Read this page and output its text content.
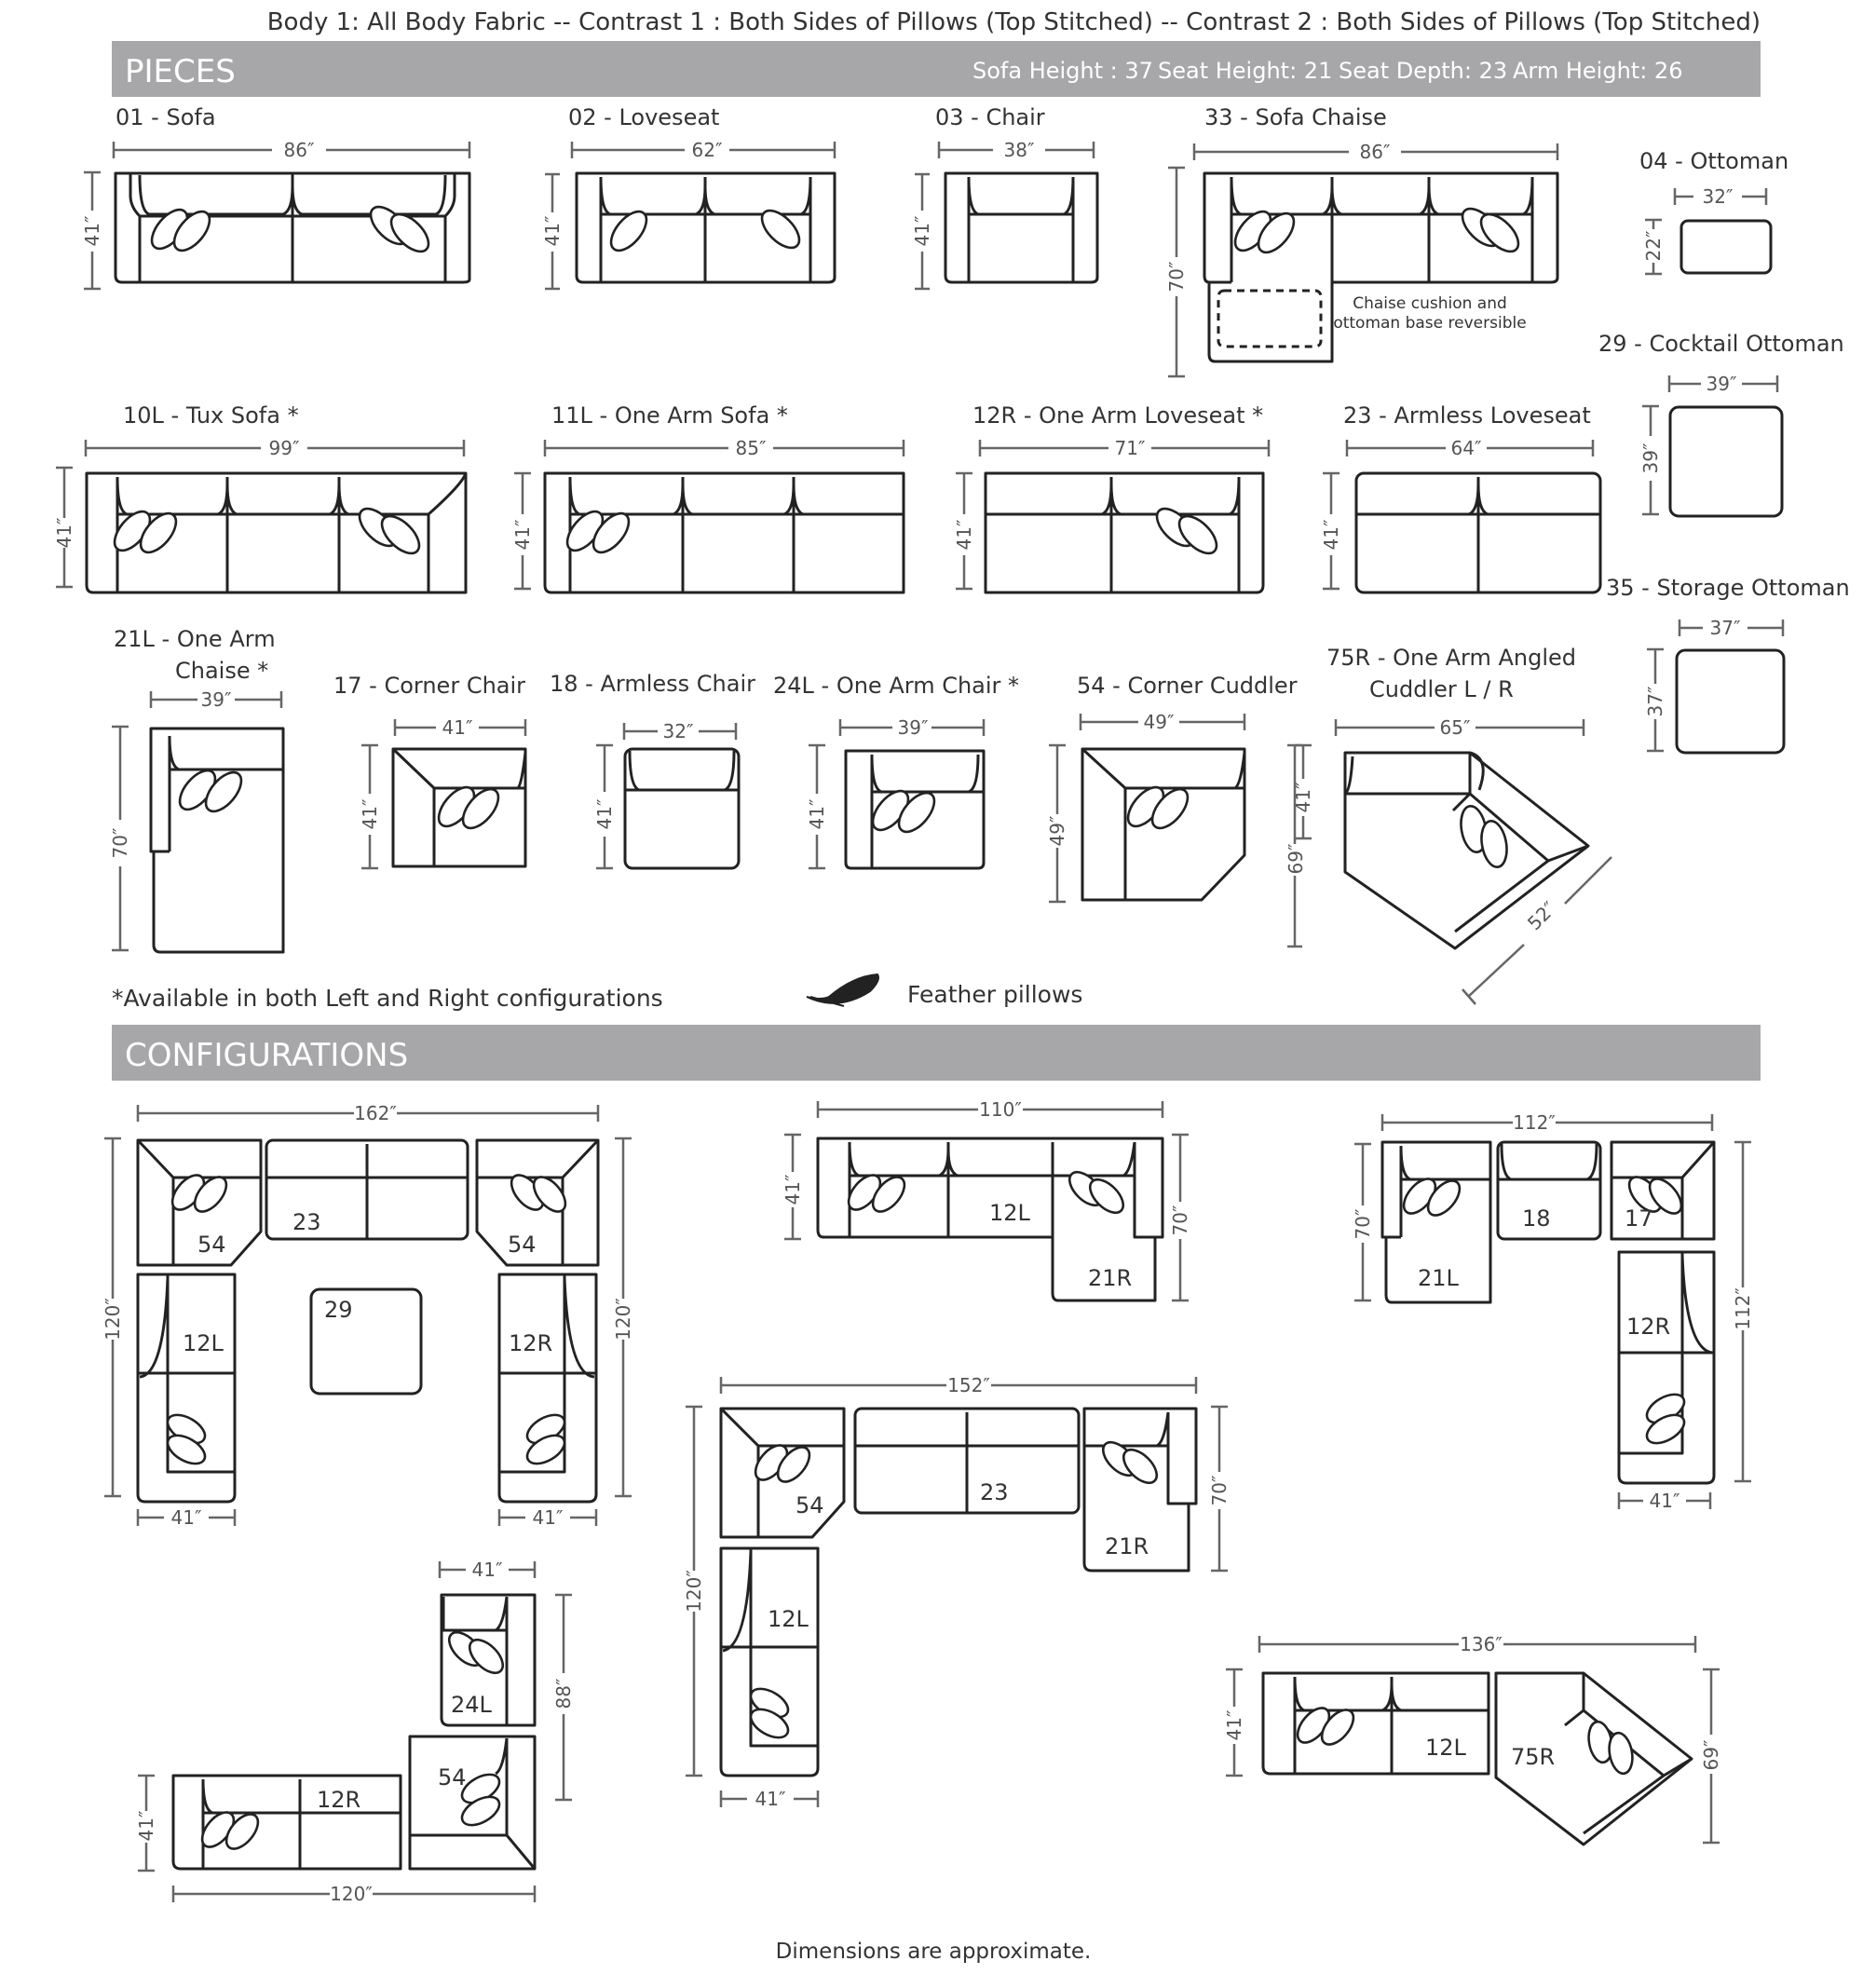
Body 1: All Body Fabric -- Contrast 1 : Both Sides of Pillows (Top Stitched) -- Contrast 2 : Both Sides of Pillows (Top Stitched)
PIECES	Sofa Height : 37 Seat Height: 21 Seat Depth: 23 Arm Height: 26
01 - Sofa
86″
41″
02 - Loveseat
62″
41″
03 - Chair
38″
41″
33 - Sofa Chaise
86″
70″
Chaise cushion and
ottoman base reversible
04 - Ottoman
32″
22″
29 - Cocktail Ottoman
39″
39″
35 - Storage Ottoman
37″
37″
10L - Tux Sofa *
99″
41″
11L - One Arm Sofa *
85″
41″
12R - One Arm Loveseat *
71″
41″
23 - Armless Loveseat
64″
41″
21L - One Arm
Chaise *
39″
70″
17 - Corner Chair
41″
41″
18 - Armless Chair
32″
41″
24L - One Arm Chair *
39″
41″
54 - Corner Cuddler
49″
49″
75R - One Arm Angled
Cuddler L / R
65″
41″
69″
52″
*Available in both Left and Right configurations	Feather pillows
CONFIGURATIONS
162″
120″	120″
41″	41″
54
23
54
12L	12R
29
110″
41″
70″
12L
21R
112″
70″
112″
41″
21L
18	17
12R
152″
120″
70″
41″
54	23
21R
12L
41″
88″
41″
120″
24L
54
12R
136″
41″
69″
12L 75R
Dimensions are approximate.
